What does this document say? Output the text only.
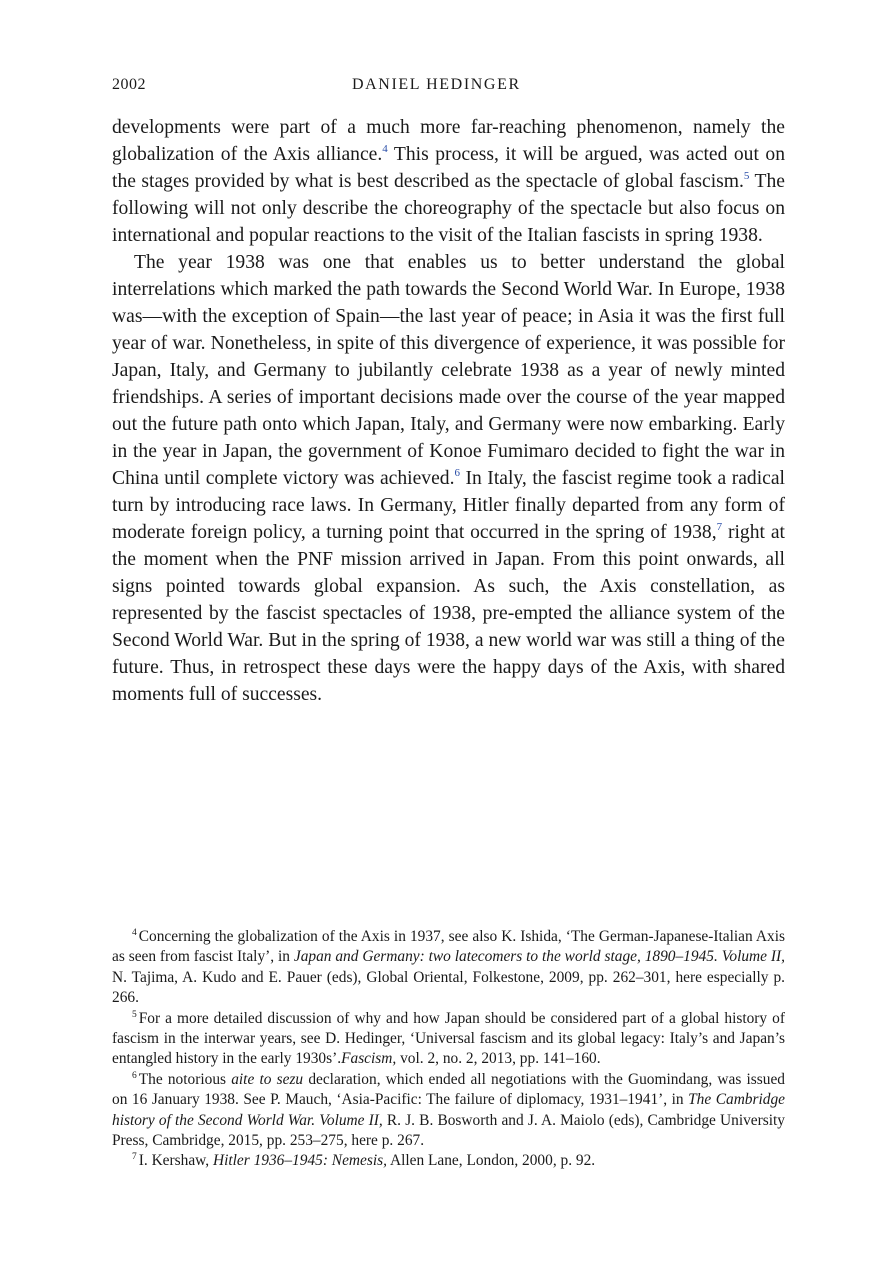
2002	DANIEL HEDINGER

developments were part of a much more far-reaching phenomenon, namely the globalization of the Axis alliance.$^4$ This process, it will be argued, was acted out on the stages provided by what is best described as the spectacle of global fascism.$^5$ The following will not only describe the choreography of the spectacle but also focus on international and popular reactions to the visit of the Italian fascists in spring 1938.

The year 1938 was one that enables us to better understand the global interrelations which marked the path towards the Second World War. In Europe, 1938 was—with the exception of Spain—the last year of peace; in Asia it was the first full year of war. Nonetheless, in spite of this divergence of experience, it was possible for Japan, Italy, and Germany to jubilantly celebrate 1938 as a year of newly minted friendships. A series of important decisions made over the course of the year mapped out the future path onto which Japan, Italy, and Germany were now embarking. Early in the year in Japan, the government of Konoe Fumimaro decided to fight the war in China until complete victory was achieved.$^6$ In Italy, the fascist regime took a radical turn by introducing race laws. In Germany, Hitler finally departed from any form of moderate foreign policy, a turning point that occurred in the spring of 1938,$^7$ right at the moment when the PNF mission arrived in Japan. From this point onwards, all signs pointed towards global expansion. As such, the Axis constellation, as represented by the fascist spectacles of 1938, pre-empted the alliance system of the Second World War. But in the spring of 1938, a new world war was still a thing of the future. Thus, in retrospect these days were the happy days of the Axis, with shared moments full of successes.

$^4$ Concerning the globalization of the Axis in 1937, see also K. Ishida, ‘The German-Japanese-Italian Axis as seen from fascist Italy’, in Japan and Germany: two latecomers to the world stage, 1890–1945. Volume II, N. Tajima, A. Kudo and E. Pauer (eds), Global Oriental, Folkestone, 2009, pp. 262–301, here especially p. 266.

$^5$ For a more detailed discussion of why and how Japan should be considered part of a global history of fascism in the interwar years, see D. Hedinger, ‘Universal fascism and its global legacy: Italy’s and Japan’s entangled history in the early 1930s’.Fascism, vol. 2, no. 2, 2013, pp. 141–160.

$^6$ The notorious aite to sezu declaration, which ended all negotiations with the Guomindang, was issued on 16 January 1938. See P. Mauch, ‘Asia-Pacific: The failure of diplomacy, 1931–1941’, in The Cambridge history of the Second World War. Volume II, R. J. B. Bosworth and J. A. Maiolo (eds), Cambridge University Press, Cambridge, 2015, pp. 253–275, here p. 267.

$^7$ I. Kershaw, Hitler 1936–1945: Nemesis, Allen Lane, London, 2000, p. 92.
